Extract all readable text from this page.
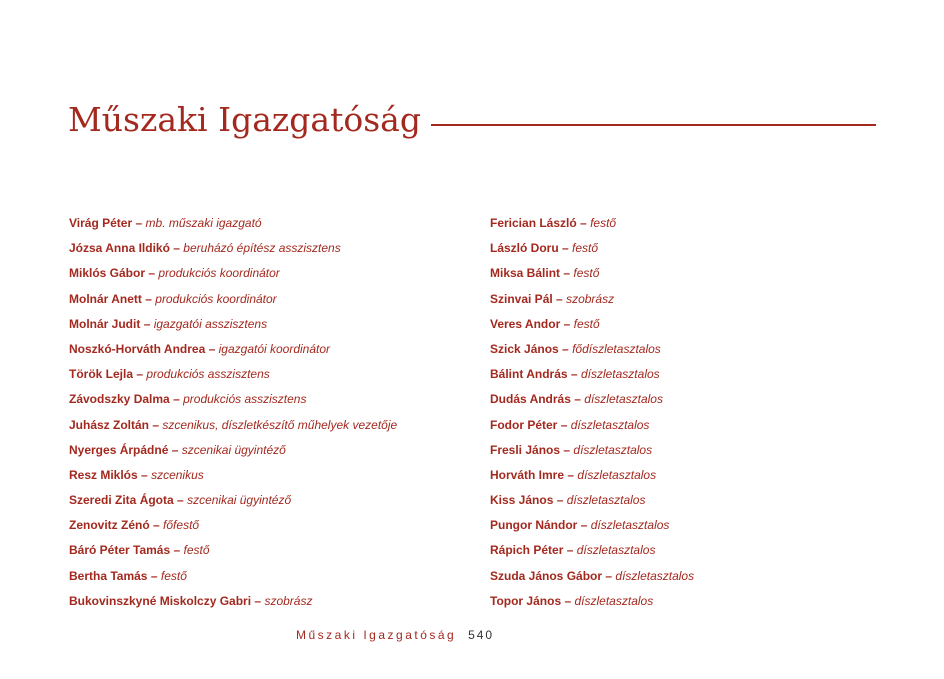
Műszaki Igazgatóság
Virág Péter – mb. műszaki igazgató
Józsa Anna Ildikó – beruházó építész asszisztens
Miklós Gábor – produkciós koordinátor
Molnár Anett – produkciós koordinátor
Molnár Judit – igazgatói asszisztens
Noszkó-Horváth Andrea – igazgatói koordinátor
Török Lejla – produkciós asszisztens
Závodszky Dalma – produkciós asszisztens
Juhász Zoltán – szcenikus, díszletkészítő műhelyek vezetője
Nyerges Árpádné – szcenikai ügyintéző
Resz Miklós – szcenikus
Szeredi Zita Ágota – szcenikai ügyintéző
Zenovitz Zénó – főfestő
Báró Péter Tamás – festő
Bertha Tamás – festő
Bukovinszkyné Miskolczy Gabri – szobrász
Ferician László – festő
László Doru – festő
Miksa Bálint – festő
Szinvai Pál – szobrász
Veres Andor – festő
Szick János – fődíszletasztalos
Bálint András – díszletasztalos
Dudás András – díszletasztalos
Fodor Péter – díszletasztalos
Fresli János – díszletasztalos
Horváth Imre – díszletasztalos
Kiss János – díszletasztalos
Pungor Nándor – díszletasztalos
Rápich Péter – díszletasztalos
Szuda János Gábor – díszletasztalos
Topor János – díszletasztalos
Műszaki Igazgatóság 540
